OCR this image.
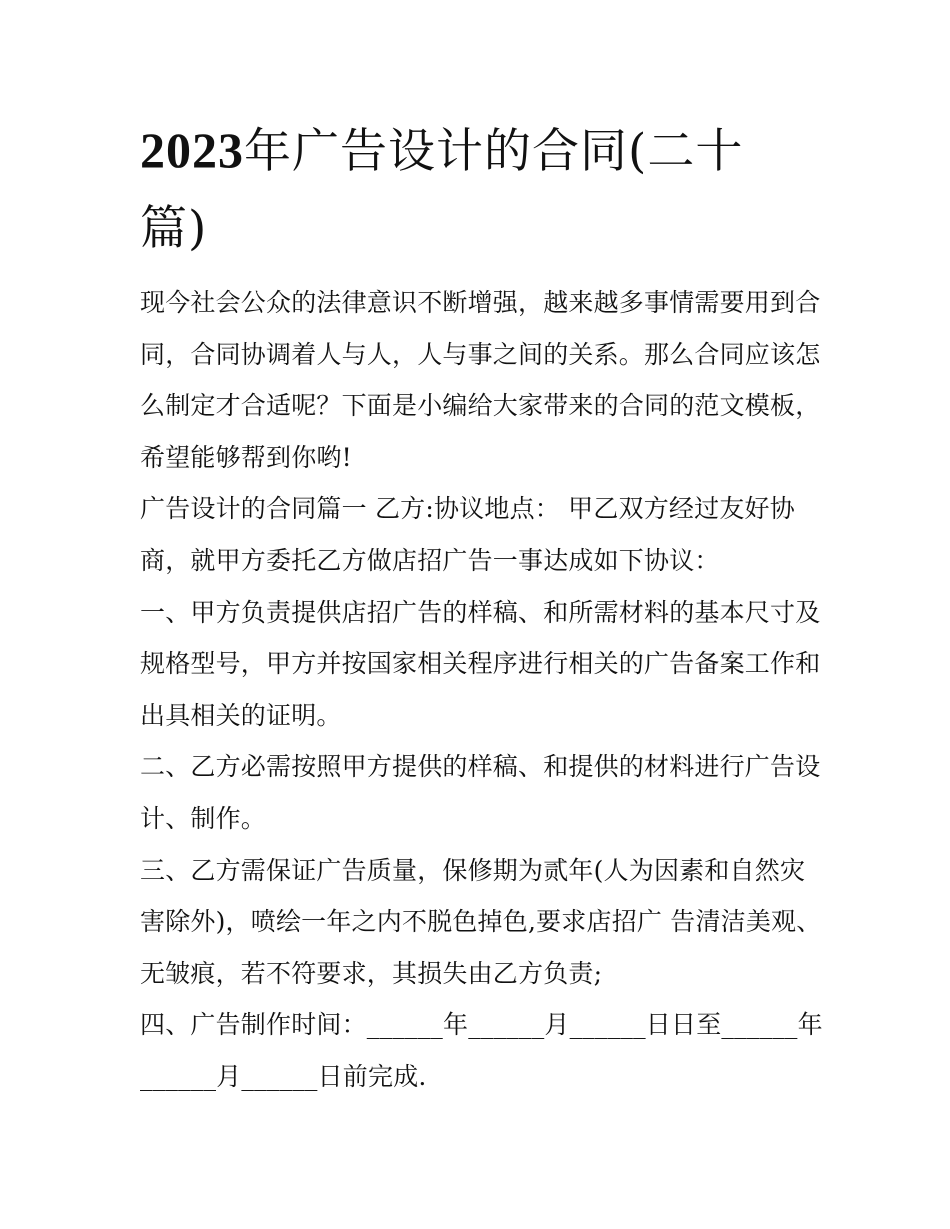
2023年广告设计的合同(二十
篇)
现今社会公众的法律意识不断增强，越来越多事情需要用到合
同，合同协调着人与人，人与事之间的关系。那么合同应该怎
么制定才合适呢？下面是小编给大家带来的合同的范文模板，
希望能够帮到你哟!
广告设计的合同篇一 乙方:协议地点： 甲乙双方经过友好协
商，就甲方委托乙方做店招广告一事达成如下协议：
一、甲方负责提供店招广告的样稿、和所需材料的基本尺寸及
规格型号，甲方并按国家相关程序进行相关的广告备案工作和
出具相关的证明。
二、乙方必需按照甲方提供的样稿、和提供的材料进行广告设
计、制作。
三、乙方需保证广告质量，保修期为贰年(人为因素和自然灾
害除外)，喷绘一年之内不脱色掉色,要求店招广 告清洁美观、
无皱痕，若不符要求，其损失由乙方负责;
四、广告制作时间：______年______月______日日至______年
______月______日前完成.
